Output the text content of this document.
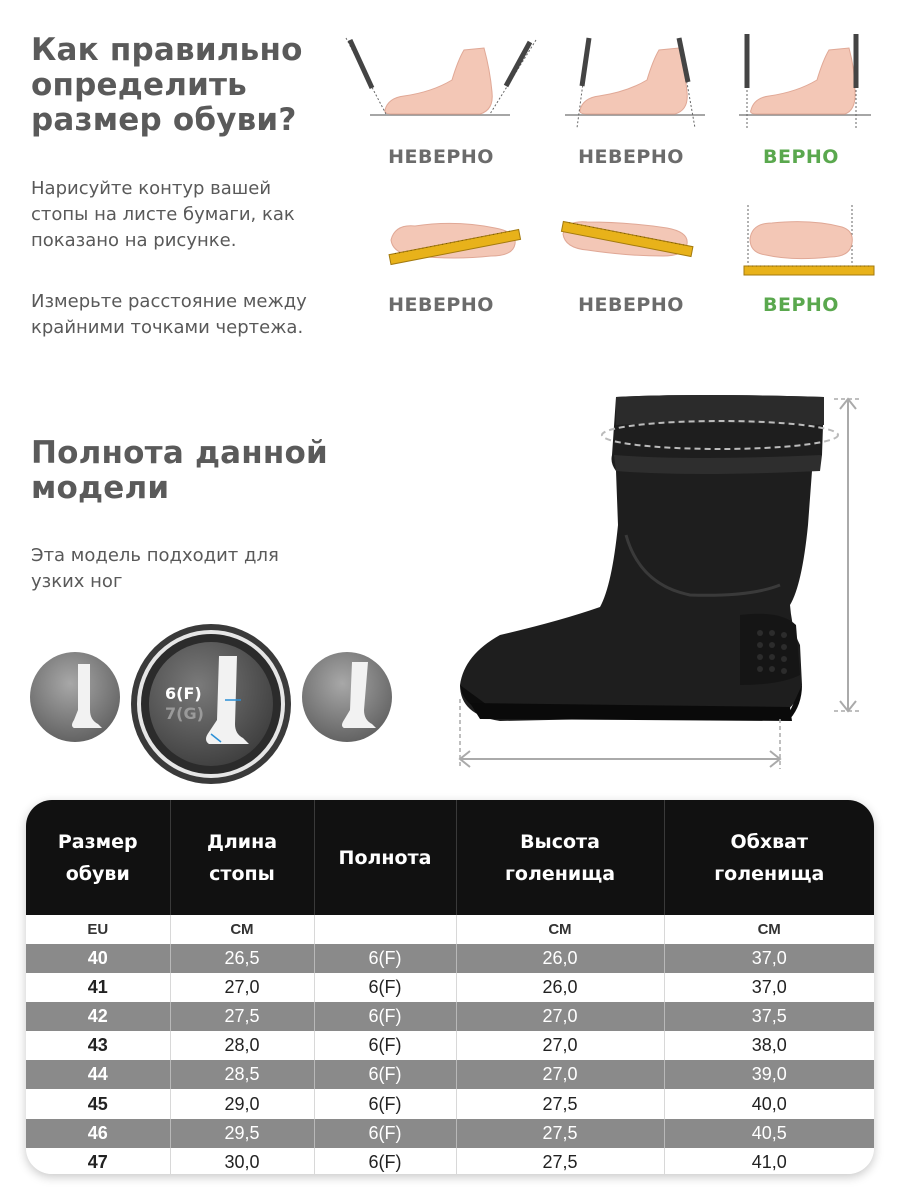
Как правильно определить размер обуви?
Нарисуйте контур вашей стопы на листе бумаги, как показано на рисунке.
Измерьте расстояние между крайними точками чертежа.
НЕВЕРНО	НЕВЕРНО	ВЕРНО
НЕВЕРНО	НЕВЕРНО	ВЕРНО
Полнота данной модели
Эта модель подходит для узких ног
6(F)
7(G)
Размер обуви	Длина стопы	Полнота	Высота голенища	Обхват голенища
EU	СМ		СМ	СМ
40	26,5	6(F)	26,0	37,0
41	27,0	6(F)	26,0	37,0
42	27,5	6(F)	27,0	37,5
43	28,0	6(F)	27,0	38,0
44	28,5	6(F)	27,0	39,0
45	29,0	6(F)	27,5	40,0
46	29,5	6(F)	27,5	40,5
47	30,0	6(F)	27,5	41,0
